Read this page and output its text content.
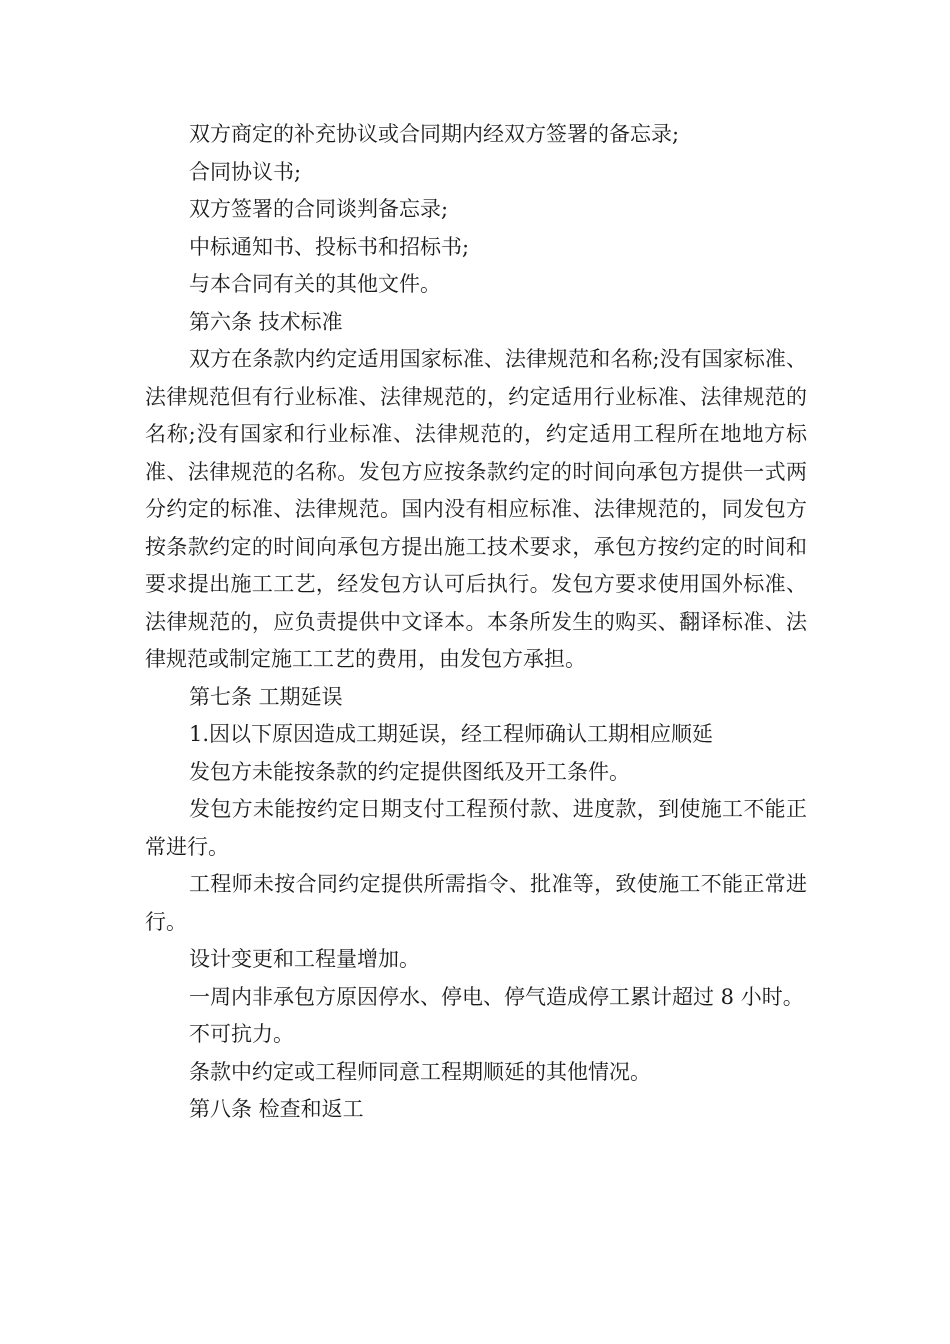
双方商定的补充协议或合同期内经双方签署的备忘录;

合同协议书;

双方签署的合同谈判备忘录;

中标通知书、投标书和招标书;

与本合同有关的其他文件。

第六条 技术标准

双方在条款内约定适用国家标准、法律规范和名称;没有国家标准、法律规范但有行业标准、法律规范的，约定适用行业标准、法律规范的名称;没有国家和行业标准、法律规范的，约定适用工程所在地地方标准、法律规范的名称。发包方应按条款约定的时间向承包方提供一式两分约定的标准、法律规范。国内没有相应标准、法律规范的，同发包方按条款约定的时间向承包方提出施工技术要求，承包方按约定的时间和要求提出施工工艺，经发包方认可后执行。发包方要求使用国外标准、法律规范的，应负责提供中文译本。本条所发生的购买、翻译标准、法律规范或制定施工工艺的费用，由发包方承担。

第七条 工期延误

1.因以下原因造成工期延误，经工程师确认工期相应顺延

发包方未能按条款的约定提供图纸及开工条件。

发包方未能按约定日期支付工程预付款、进度款，到使施工不能正常进行。

工程师未按合同约定提供所需指令、批准等，致使施工不能正常进行。

设计变更和工程量增加。

一周内非承包方原因停水、停电、停气造成停工累计超过 8 小时。

不可抗力。

条款中约定或工程师同意工程期顺延的其他情况。

第八条 检查和返工
